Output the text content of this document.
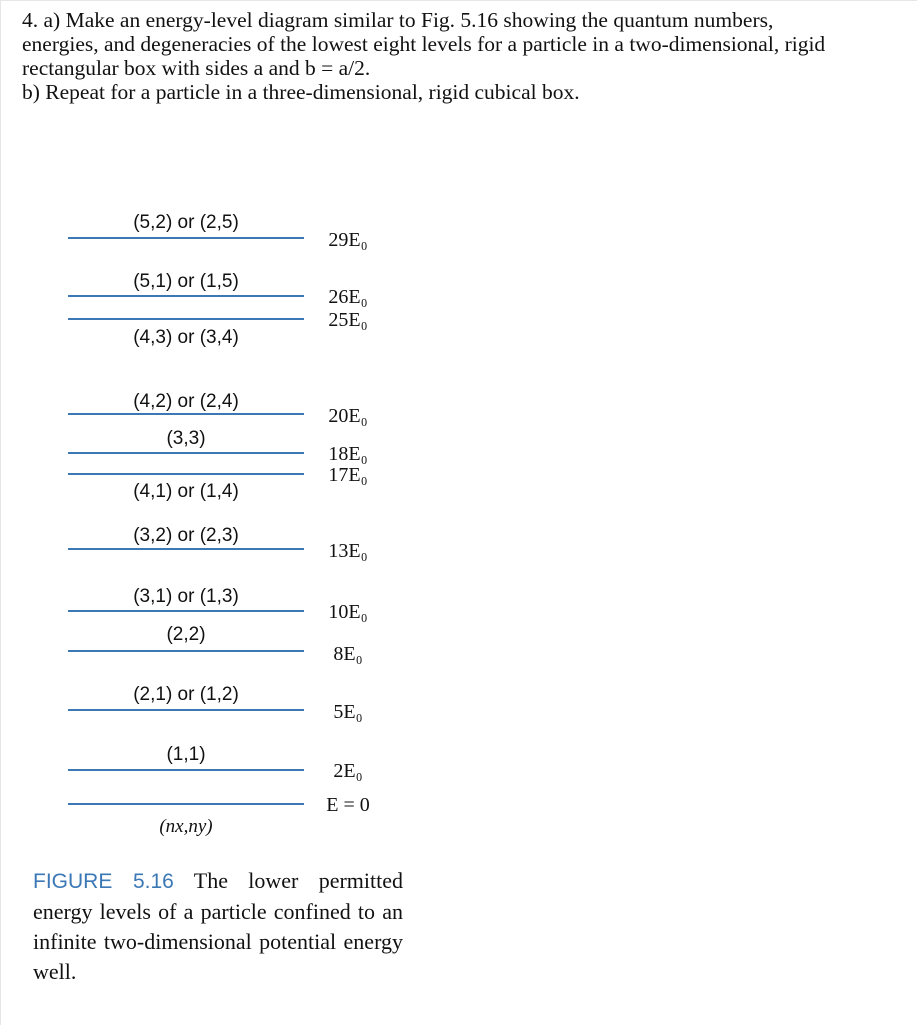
4. a) Make an energy-level diagram similar to Fig. 5.16 showing the quantum numbers,
energies, and degeneracies of the lowest eight levels for a particle in a two-dimensional, rigid
rectangular box with sides a and b = a/2.
b) Repeat for a particle in a three-dimensional, rigid cubical box.
(5,2) or (2,5)
(5,1) or (1,5)
(4,3) or (3,4)
(4,2) or (2,4)
(3,3)
(4,1) or (1,4)
(3,2) or (2,3)
(3,1) or (1,3)
(2,2)
(2,1) or (1,2)
(1,1)
29E₀
26E₀
25E₀
20E₀
18E₀
17E₀
13E₀
10E₀
8E₀
5E₀
2E₀
E = 0
(nx,ny)
FIGURE 5.16 The lower permitted energy levels of a particle confined to an infinite two-dimensional potential energy well.
